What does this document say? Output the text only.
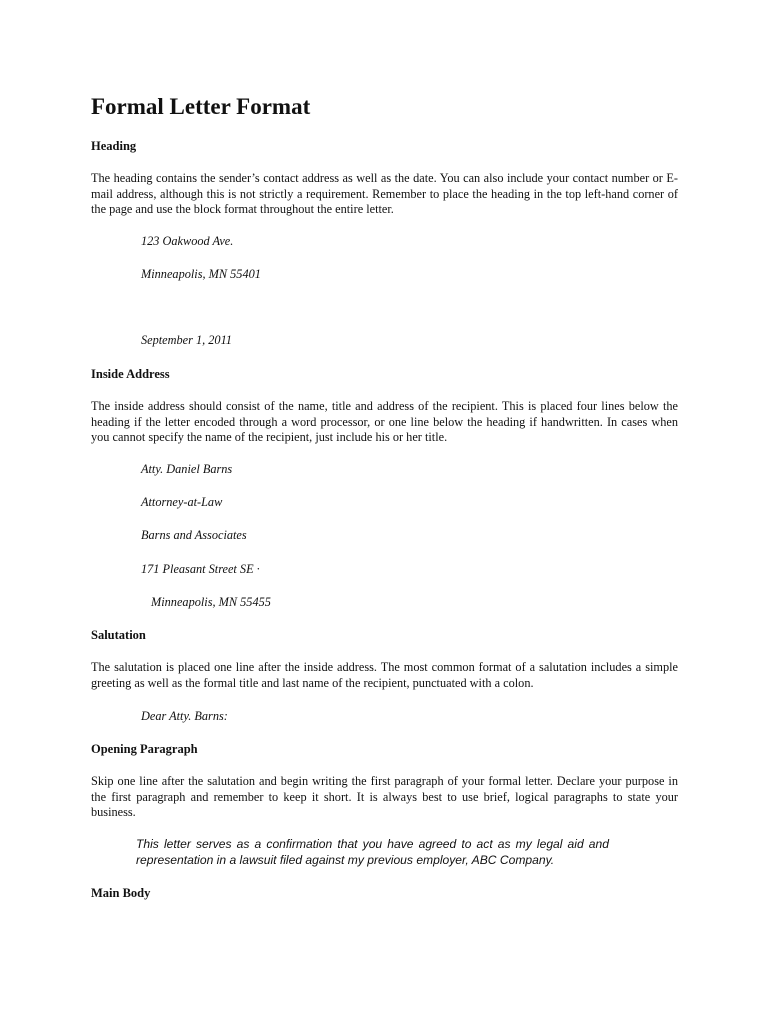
Formal Letter Format
Heading

The heading contains the sender’s contact address as well as the date. You can also include your contact number or E-mail address, although this is not strictly a requirement. Remember to place the heading in the top left-hand corner of the page and use the block format throughout the entire letter.

123 Oakwood Ave.

Minneapolis, MN 55401

September 1, 2011

Inside Address

The inside address should consist of the name, title and address of the recipient. This is placed four lines below the heading if the letter encoded through a word processor, or one line below the heading if handwritten. In cases when you cannot specify the name of the recipient, just include his or her title.

Atty. Daniel Barns

Attorney-at-Law

Barns and Associates

171 Pleasant Street SE ·

Minneapolis, MN 55455

Salutation

The salutation is placed one line after the inside address. The most common format of a salutation includes a simple greeting as well as the formal title and last name of the recipient, punctuated with a colon.

Dear Atty. Barns:

Opening Paragraph

Skip one line after the salutation and begin writing the first paragraph of your formal letter. Declare your purpose in the first paragraph and remember to keep it short. It is always best to use brief, logical paragraphs to state your business.

This letter serves as a confirmation that you have agreed to act as my legal aid and representation in a lawsuit filed against my previous employer, ABC Company.

Main Body
